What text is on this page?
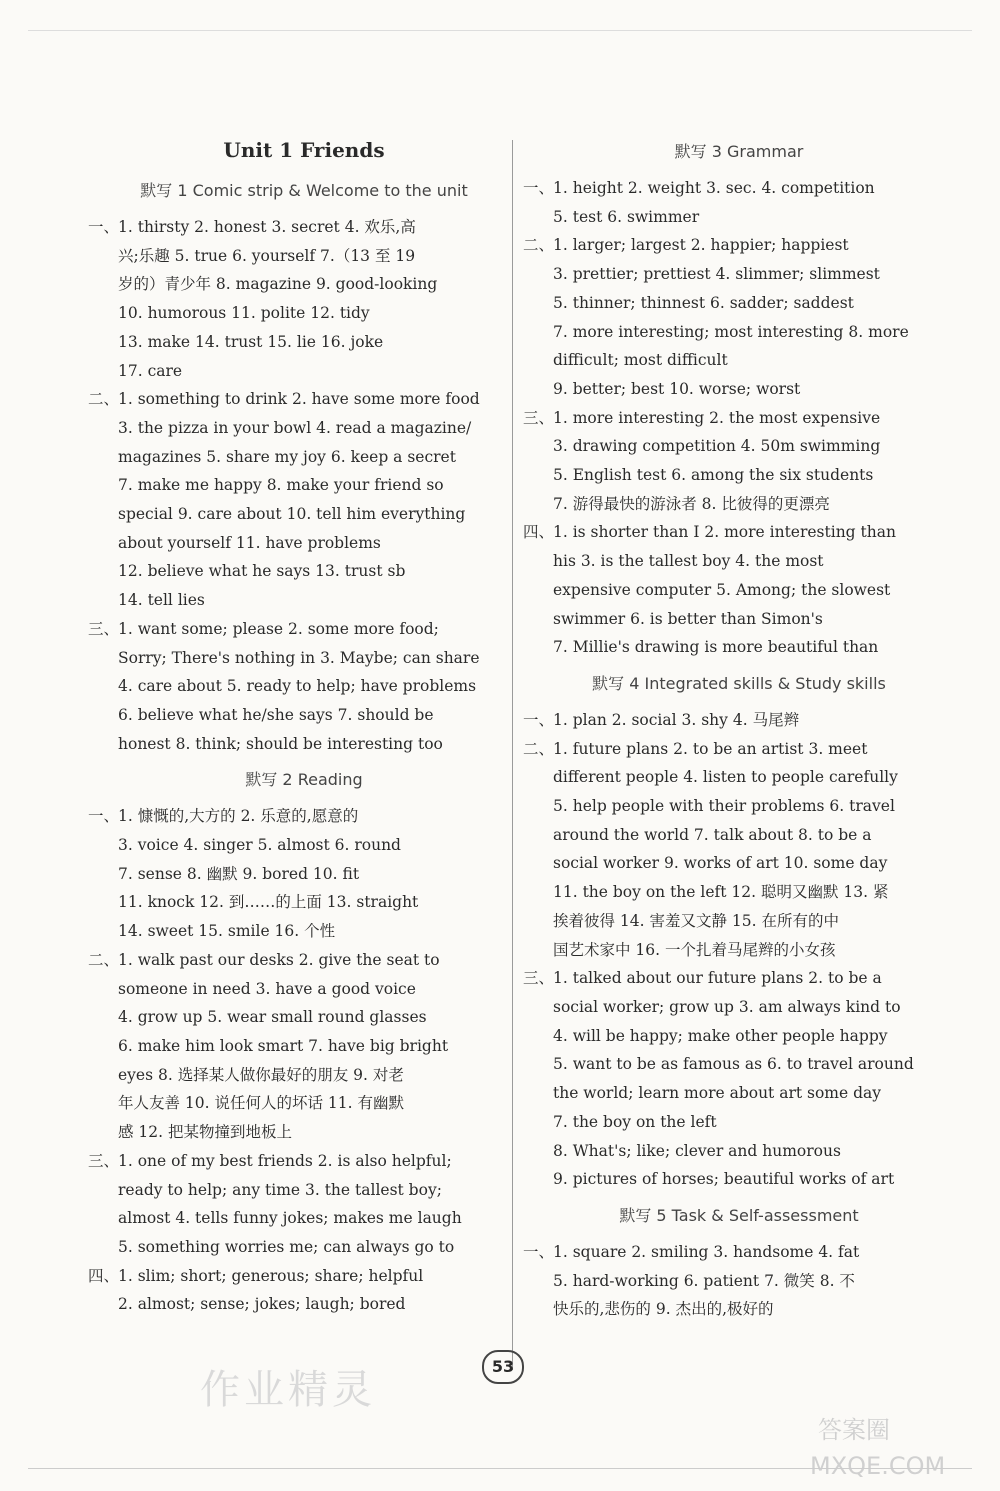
Unit 1 Friends
默写 1 Comic strip & Welcome to the unit
一、
1. thirsty 2. honest 3. secret 4. 欢乐,高
兴;乐趣 5. true 6. yourself 7.（13 至 19
岁的）青少年 8. magazine 9. good-looking
10. humorous 11. polite 12. tidy
13. make 14. trust 15. lie 16. joke
17. care
二、
1. something to drink 2. have some more food
3. the pizza in your bowl 4. read a magazine/
magazines 5. share my joy 6. keep a secret
7. make me happy 8. make your friend so
special 9. care about 10. tell him everything
about yourself 11. have problems
12. believe what he says 13. trust sb
14. tell lies
三、
1. want some; please 2. some more food;
Sorry; There's nothing in 3. Maybe; can share
4. care about 5. ready to help; have problems
6. believe what he/she says 7. should be
honest 8. think; should be interesting too
默写 2 Reading
一、
1. 慷慨的,大方的 2. 乐意的,愿意的
3. voice 4. singer 5. almost 6. round
7. sense 8. 幽默 9. bored 10. fit
11. knock 12. 到……的上面 13. straight
14. sweet 15. smile 16. 个性
二、
1. walk past our desks 2. give the seat to
someone in need 3. have a good voice
4. grow up 5. wear small round glasses
6. make him look smart 7. have big bright
eyes 8. 选择某人做你最好的朋友 9. 对老
年人友善 10. 说任何人的坏话 11. 有幽默
感 12. 把某物撞到地板上
三、
1. one of my best friends 2. is also helpful;
ready to help; any time 3. the tallest boy;
almost 4. tells funny jokes; makes me laugh
5. something worries me; can always go to
四、
1. slim; short; generous; share; helpful
2. almost; sense; jokes; laugh; bored
默写 3 Grammar
一、
1. height 2. weight 3. sec. 4. competition
5. test 6. swimmer
二、
1. larger; largest 2. happier; happiest
3. prettier; prettiest 4. slimmer; slimmest
5. thinner; thinnest 6. sadder; saddest
7. more interesting; most interesting 8. more
difficult; most difficult
9. better; best 10. worse; worst
三、
1. more interesting 2. the most expensive
3. drawing competition 4. 50m swimming
5. English test 6. among the six students
7. 游得最快的游泳者 8. 比彼得的更漂亮
四、
1. is shorter than I 2. more interesting than
his 3. is the tallest boy 4. the most
expensive computer 5. Among; the slowest
swimmer 6. is better than Simon's
7. Millie's drawing is more beautiful than
默写 4 Integrated skills & Study skills
一、
1. plan 2. social 3. shy 4. 马尾辫
二、
1. future plans 2. to be an artist 3. meet
different people 4. listen to people carefully
5. help people with their problems 6. travel
around the world 7. talk about 8. to be a
social worker 9. works of art 10. some day
11. the boy on the left 12. 聪明又幽默 13. 紧
挨着彼得 14. 害羞又文静 15. 在所有的中
国艺术家中 16. 一个扎着马尾辫的小女孩
三、
1. talked about our future plans 2. to be a
social worker; grow up 3. am always kind to
4. will be happy; make other people happy
5. want to be as famous as 6. to travel around
the world; learn more about art some day
7. the boy on the left
8. What's; like; clever and humorous
9. pictures of horses; beautiful works of art
默写 5 Task & Self-assessment
一、
1. square 2. smiling 3. handsome 4. fat
5. hard-working 6. patient 7. 微笑 8. 不
快乐的,悲伤的 9. 杰出的,极好的
53
作业精灵
答案圈
MXQE.COM
